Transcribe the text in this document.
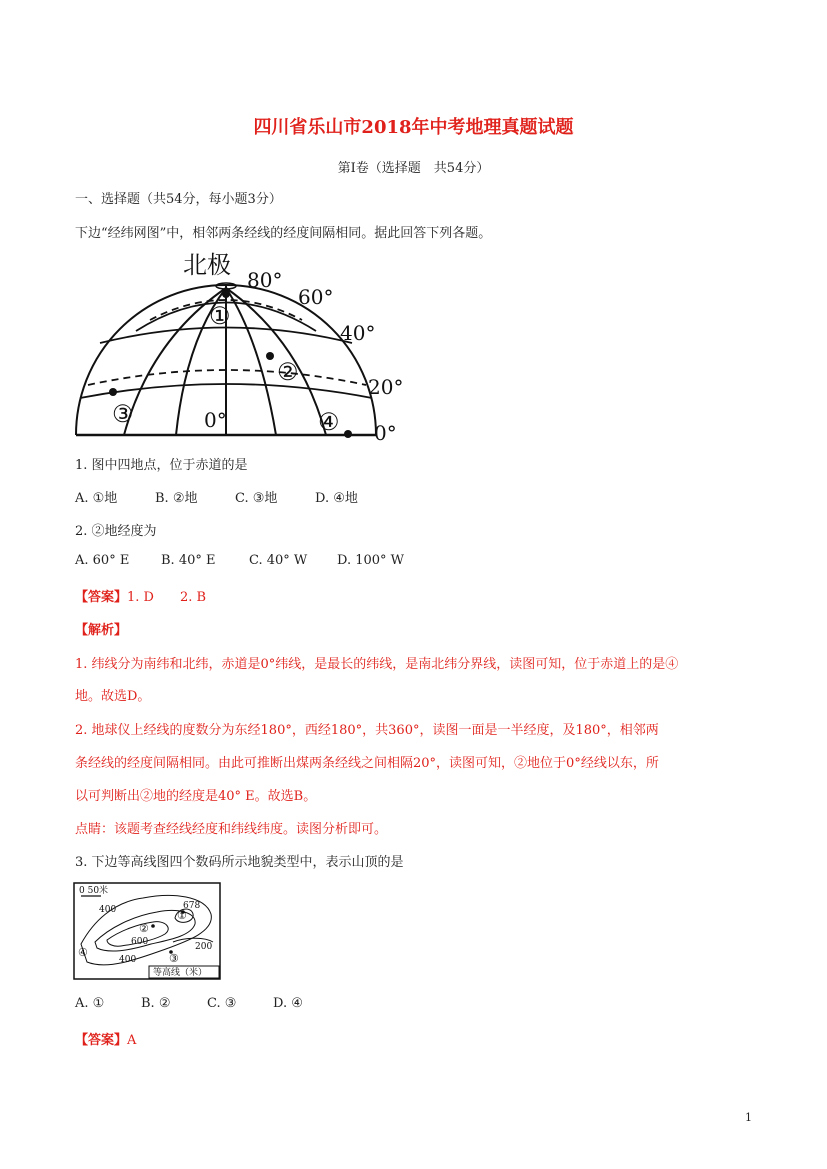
四川省乐山市2018年中考地理真题试题
第Ⅰ卷（选择题　共54分）
一、选择题（共54分，每小题3分）
下边“经纬网图”中，相邻两条经线的经度间隔相同。据此回答下列各题。
北极
80°
60°
40°
20°
0°
0°
①
②
③	④
1. 图中四地点，位于赤道的是
A. ①地	B. ②地	C. ③地	D. ④地
2. ②地经度为
A. 60° E B. 40° E	C. 40° W D. 100° W
【答案】1. D　　2. B
【解析】
1. 纬线分为南纬和北纬，赤道是0°纬线，是最长的纬线，是南北纬分界线，读图可知，位于赤道上的是④
地。故选D。
2. 地球仪上经线的度数分为东经180°，西经180°，共360°，读图一面是一半经度，及180°，相邻两
条经线的经度间隔相同。由此可推断出煤两条经线之间相隔20°，读图可知，②地位于0°经线以东，所
以可判断出②地的经度是40° E。故选B。
点睛：该题考查经线经度和纬线纬度。读图分析即可。
3. 下边等高线图四个数码所示地貌类型中，表示山顶的是
0 50米
400
600
678
200
400
①
②
③
④
等高线（米）
A. ①	B. ②	C. ③	D. ④
【答案】A
1
